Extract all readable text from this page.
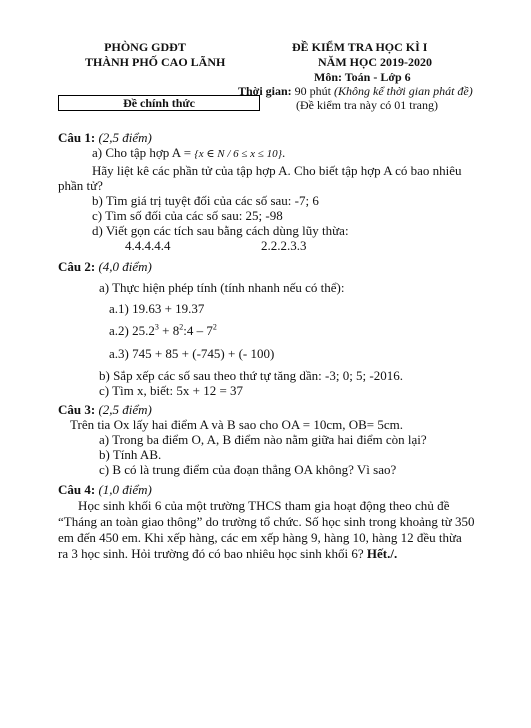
PHÒNG GDĐT
THÀNH PHỐ CAO LÃNH
Đề chính thức
ĐỀ KIỂM TRA HỌC KÌ I
NĂM HỌC 2019-2020
Môn: Toán - Lớp 6
Thời gian: 90 phút (Không kể thời gian phát đề)
(Đề kiểm tra này có 01 trang)
Câu 1: (2,5 điểm)
a) Cho tập hợp A = {x ∈ N / 6 ≤ x ≤ 10}.
Hãy liệt kê các phần tử của tập hợp A. Cho biết tập hợp A có bao nhiêu
phần tử?
b) Tìm giá trị tuyệt đối của các số sau: -7; 6
c) Tìm số đối của các số sau: 25; -98
d) Viết gọn các tích sau bằng cách dùng lũy thừa:
4.4.4.4.4	2.2.2.3.3
Câu 2: (4,0 điểm)
a) Thực hiện phép tính (tính nhanh nếu có thể):
a.1) 19.63 + 19.37
a.2) $25.2^3$ + $8^2:4 - 7^2$
a.3) 745 + 85 + (-745) + (- 100)
b) Sắp xếp các số sau theo thứ tự tăng dần: -3; 0; 5; -2016.
c) Tìm x, biết: 5x + 12 = 37
Câu 3: (2,5 điểm)
Trên tia Ox lấy hai điểm A và B sao cho OA = 10cm, OB= 5cm.
a) Trong ba điểm O, A, B điểm nào nằm giữa hai điểm còn lại?
b) Tính AB.
c) B có là trung điểm của đoạn thẳng OA không? Vì sao?
Câu 4: (1,0 điểm)
Học sinh khối 6 của một trường THCS tham gia hoạt động theo chủ đề
“Tháng an toàn giao thông” do trường tổ chức. Số học sinh trong khoảng từ 350
em đến 450 em. Khi xếp hàng, các em xếp hàng 9, hàng 10, hàng 12 đều thừa
ra 3 học sinh. Hỏi trường đó có bao nhiêu học sinh khối 6? Hết./.
